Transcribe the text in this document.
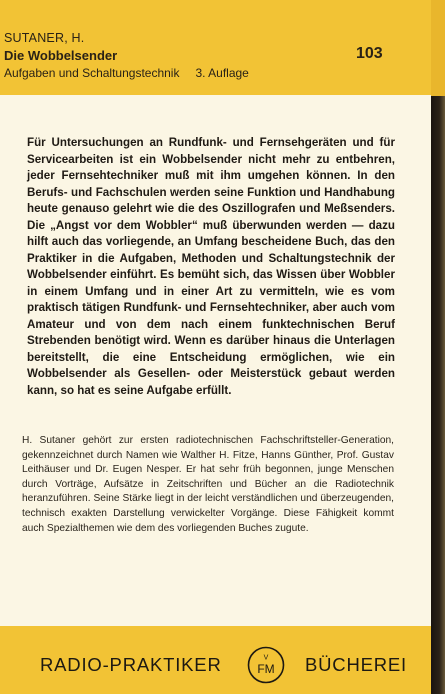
SUTANER, H.
Die Wobbelsender
Aufgaben und Schaltungstechnik 3. Auflage
103
Für Untersuchungen an Rundfunk- und Fernsehgeräten und für Servicearbeiten ist ein Wobbelsender nicht mehr zu entbehren, jeder Fernsehtechniker muß mit ihm umgehen können. In den Berufs- und Fachschulen werden seine Funktion und Handhabung heute genauso gelehrt wie die des Oszillografen und Meßsenders. Die „Angst vor dem Wobbler“ muß überwunden werden — dazu hilft auch das vorliegende, an Umfang bescheidene Buch, das den Praktiker in die Aufgaben, Methoden und Schaltungstechnik der Wobbelsender einführt. Es bemüht sich, das Wissen über Wobbler in einem Umfang und in einer Art zu vermitteln, wie es vom praktisch tätigen Rundfunk- und Fernsehtechniker, aber auch vom Amateur und von dem nach einem funktechnischen Beruf Strebenden benötigt wird. Wenn es darüber hinaus die Unterlagen bereitstellt, die eine Entscheidung ermöglichen, wie ein Wobbelsender als Gesellen- oder Meisterstück gebaut werden kann, so hat es seine Aufgabe erfüllt.
H. Sutaner gehört zur ersten radiotechnischen Fachschriftsteller-Generation, gekennzeichnet durch Namen wie Walther H. Fitze, Hanns Günther, Prof. Gustav Leithäuser und Dr. Eugen Nesper. Er hat sehr früh begonnen, junge Menschen durch Vorträge, Aufsätze in Zeitschriften und Bücher an die Radiotechnik heranzuführen. Seine Stärke liegt in der leicht verständlichen und überzeugenden, technisch exakten Darstellung verwickelter Vorgänge. Diese Fähigkeit kommt auch Spezialthemen wie dem des vorliegenden Buches zugute.
RADIO-PRAKTIKER	V
FM BÜCHEREI
